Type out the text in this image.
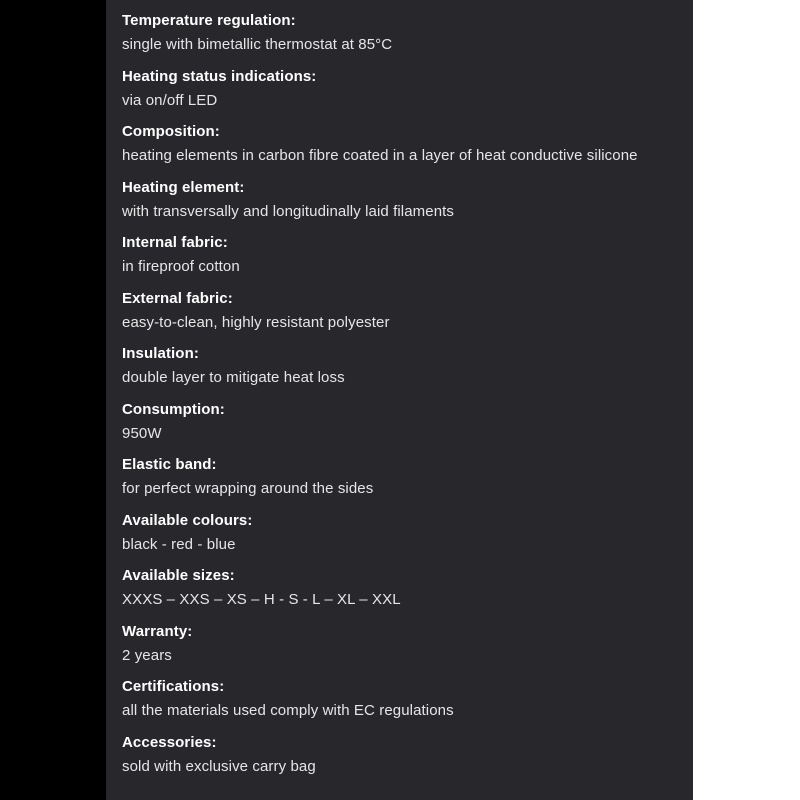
Temperature regulation:
single with bimetallic thermostat at 85°C
Heating status indications:
via on/off LED
Composition:
heating elements in carbon fibre coated in a layer of heat conductive silicone
Heating element:
with transversally and longitudinally laid filaments
Internal fabric:
in fireproof cotton
External fabric:
easy-to-clean, highly resistant polyester
Insulation:
double layer to mitigate heat loss
Consumption:
950W
Elastic band:
for perfect wrapping around the sides
Available colours:
black - red - blue
Available sizes:
XXXS – XXS – XS – H - S - L – XL – XXL
Warranty:
2 years
Certifications:
all the materials used comply with EC regulations
Accessories:
sold with exclusive carry bag
